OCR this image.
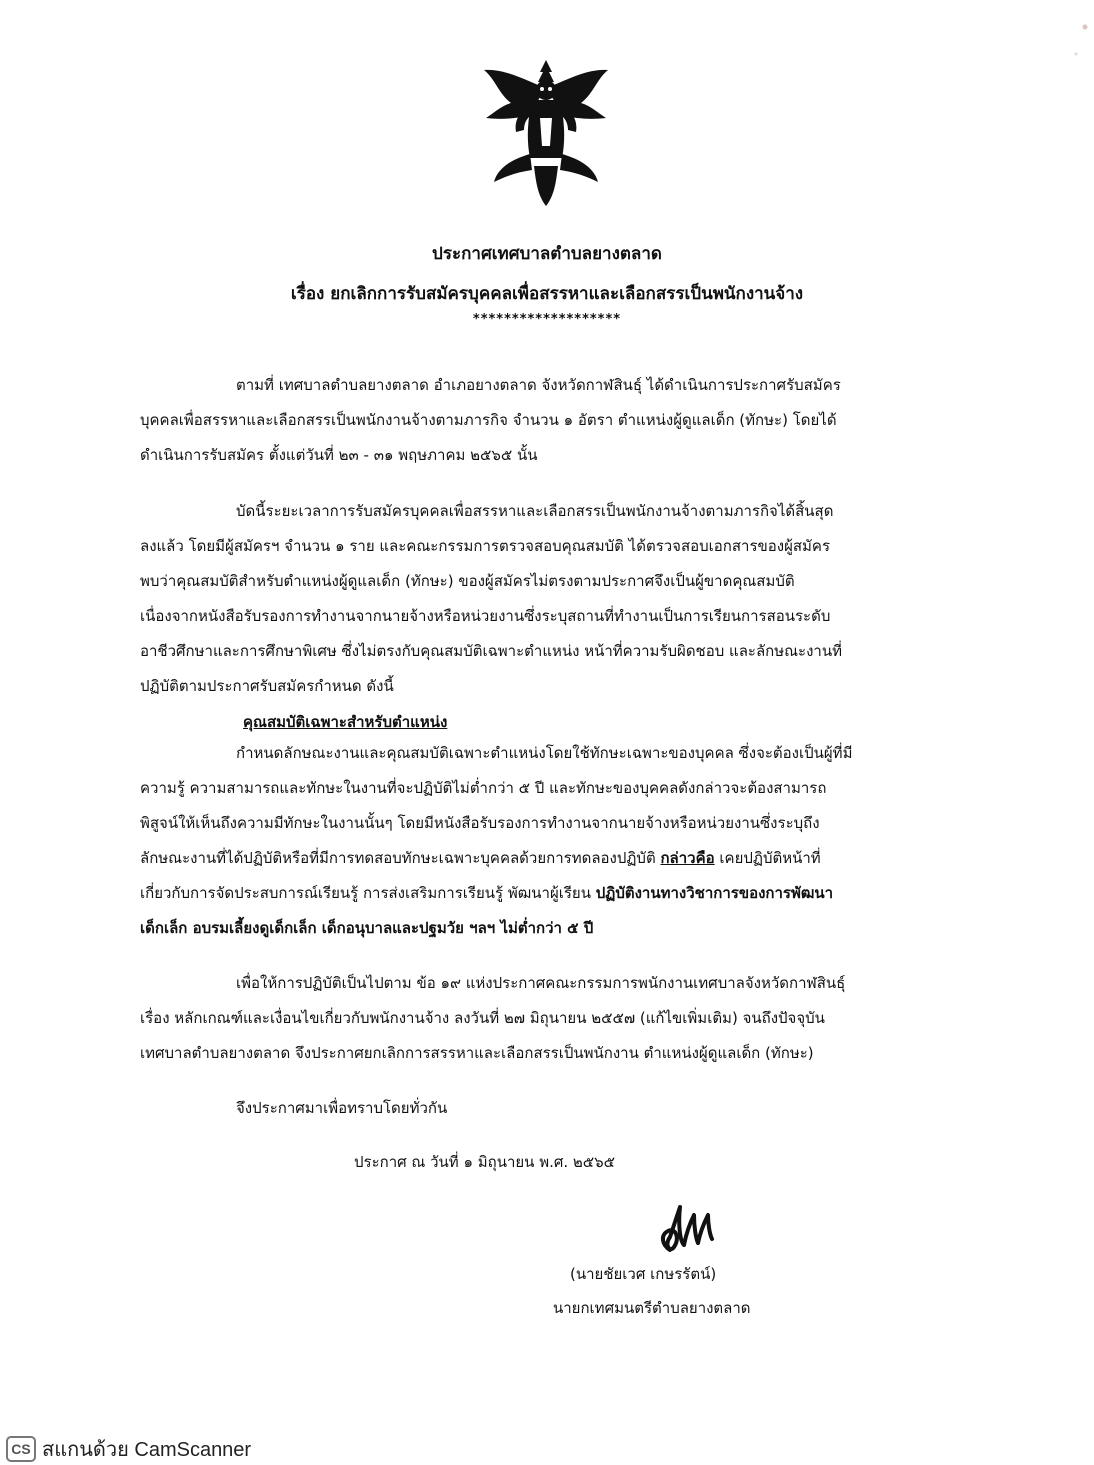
ประกาศเทศบาลตำบลยางตลาด
เรื่อง ยกเลิกการรับสมัครบุคคลเพื่อสรรหาและเลือกสรรเป็นพนักงานจ้าง
*******************
ตามที่ เทศบาลตำบลยางตลาด อำเภอยางตลาด จังหวัดกาฬสินธุ์ ได้ดำเนินการประกาศรับสมัคร
บุคคลเพื่อสรรหาและเลือกสรรเป็นพนักงานจ้างตามภารกิจ จำนวน ๑ อัตรา ตำแหน่งผู้ดูแลเด็ก (ทักษะ) โดยได้
ดำเนินการรับสมัคร ตั้งแต่วันที่ ๒๓ - ๓๑ พฤษภาคม ๒๕๖๕ นั้น
บัดนี้ระยะเวลาการรับสมัครบุคคลเพื่อสรรหาและเลือกสรรเป็นพนักงานจ้างตามภารกิจได้สิ้นสุด
ลงแล้ว โดยมีผู้สมัครฯ จำนวน ๑ ราย และคณะกรรมการตรวจสอบคุณสมบัติ ได้ตรวจสอบเอกสารของผู้สมัคร
พบว่าคุณสมบัติสำหรับตำแหน่งผู้ดูแลเด็ก (ทักษะ) ของผู้สมัครไม่ตรงตามประกาศจึงเป็นผู้ขาดคุณสมบัติ
เนื่องจากหนังสือรับรองการทำงานจากนายจ้างหรือหน่วยงานซึ่งระบุสถานที่ทำงานเป็นการเรียนการสอนระดับ
อาชีวศึกษาและการศึกษาพิเศษ ซึ่งไม่ตรงกับคุณสมบัติเฉพาะตำแหน่ง หน้าที่ความรับผิดชอบ และลักษณะงานที่
ปฏิบัติตามประกาศรับสมัครกำหนด ดังนี้
คุณสมบัติเฉพาะสำหรับตำแหน่ง
กำหนดลักษณะงานและคุณสมบัติเฉพาะตำแหน่งโดยใช้ทักษะเฉพาะของบุคคล ซึ่งจะต้องเป็นผู้ที่มี
ความรู้ ความสามารถและทักษะในงานที่จะปฏิบัติไม่ต่ำกว่า ๕ ปี และทักษะของบุคคลดังกล่าวจะต้องสามารถ
พิสูจน์ให้เห็นถึงความมีทักษะในงานนั้นๆ โดยมีหนังสือรับรองการทำงานจากนายจ้างหรือหน่วยงานซึ่งระบุถึง
ลักษณะงานที่ได้ปฏิบัติหรือที่มีการทดสอบทักษะเฉพาะบุคคลด้วยการทดลองปฏิบัติ กล่าวคือ เคยปฏิบัติหน้าที่
เกี่ยวกับการจัดประสบการณ์เรียนรู้ การส่งเสริมการเรียนรู้ พัฒนาผู้เรียน ปฏิบัติงานทางวิชาการของการพัฒนา
เด็กเล็ก อบรมเลี้ยงดูเด็กเล็ก เด็กอนุบาลและปฐมวัย ฯลฯ ไม่ต่ำกว่า ๕ ปี
เพื่อให้การปฏิบัติเป็นไปตาม ข้อ ๑๙ แห่งประกาศคณะกรรมการพนักงานเทศบาลจังหวัดกาฬสินธุ์
เรื่อง หลักเกณฑ์และเงื่อนไขเกี่ยวกับพนักงานจ้าง ลงวันที่ ๒๗ มิถุนายน ๒๕๕๗ (แก้ไขเพิ่มเติม) จนถึงปัจจุบัน
เทศบาลตำบลยางตลาด จึงประกาศยกเลิกการสรรหาและเลือกสรรเป็นพนักงาน ตำแหน่งผู้ดูแลเด็ก (ทักษะ)
จึงประกาศมาเพื่อทราบโดยทั่วกัน
ประกาศ ณ วันที่ ๑ มิถุนายน พ.ศ. ๒๕๖๕
(นายชัยเวศ เกษรรัตน์)
นายกเทศมนตรีตำบลยางตลาด
CS สแกนด้วย CamScanner
